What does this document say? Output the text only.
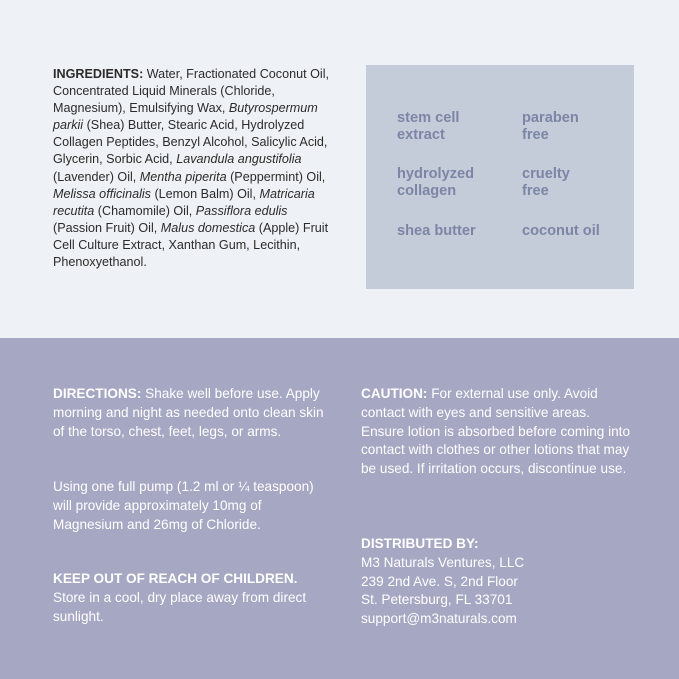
INGREDIENTS: Water, Fractionated Coconut Oil, Concentrated Liquid Minerals (Chloride, Magnesium), Emulsifying Wax, Butyrospermum parkii (Shea) Butter, Stearic Acid, Hydrolyzed Collagen Peptides, Benzyl Alcohol, Salicylic Acid, Glycerin, Sorbic Acid, Lavandula angustifolia (Lavender) Oil, Mentha piperita (Peppermint) Oil, Melissa officinalis (Lemon Balm) Oil, Matricaria recutita (Chamomile) Oil, Passiflora edulis (Passion Fruit) Oil, Malus domestica (Apple) Fruit Cell Culture Extract, Xanthan Gum, Lecithin, Phenoxyethanol.
stem cell
extract
paraben
free
hydrolyzed
collagen
cruelty
free
shea butter	coconut oil
DIRECTIONS: Shake well before use. Apply morning and night as needed onto clean skin of the torso, chest, feet, legs, or arms.
Using one full pump (1.2 ml or ¼ teaspoon) will provide approximately 10mg of Magnesium and 26mg of Chloride.
KEEP OUT OF REACH OF CHILDREN. Store in a cool, dry place away from direct sunlight.
CAUTION: For external use only. Avoid contact with eyes and sensitive areas. Ensure lotion is absorbed before coming into contact with clothes or other lotions that may be used. If irritation occurs, discontinue use.
DISTRIBUTED BY:
M3 Naturals Ventures, LLC
239 2nd Ave. S, 2nd Floor
St. Petersburg, FL 33701
support@m3naturals.com
